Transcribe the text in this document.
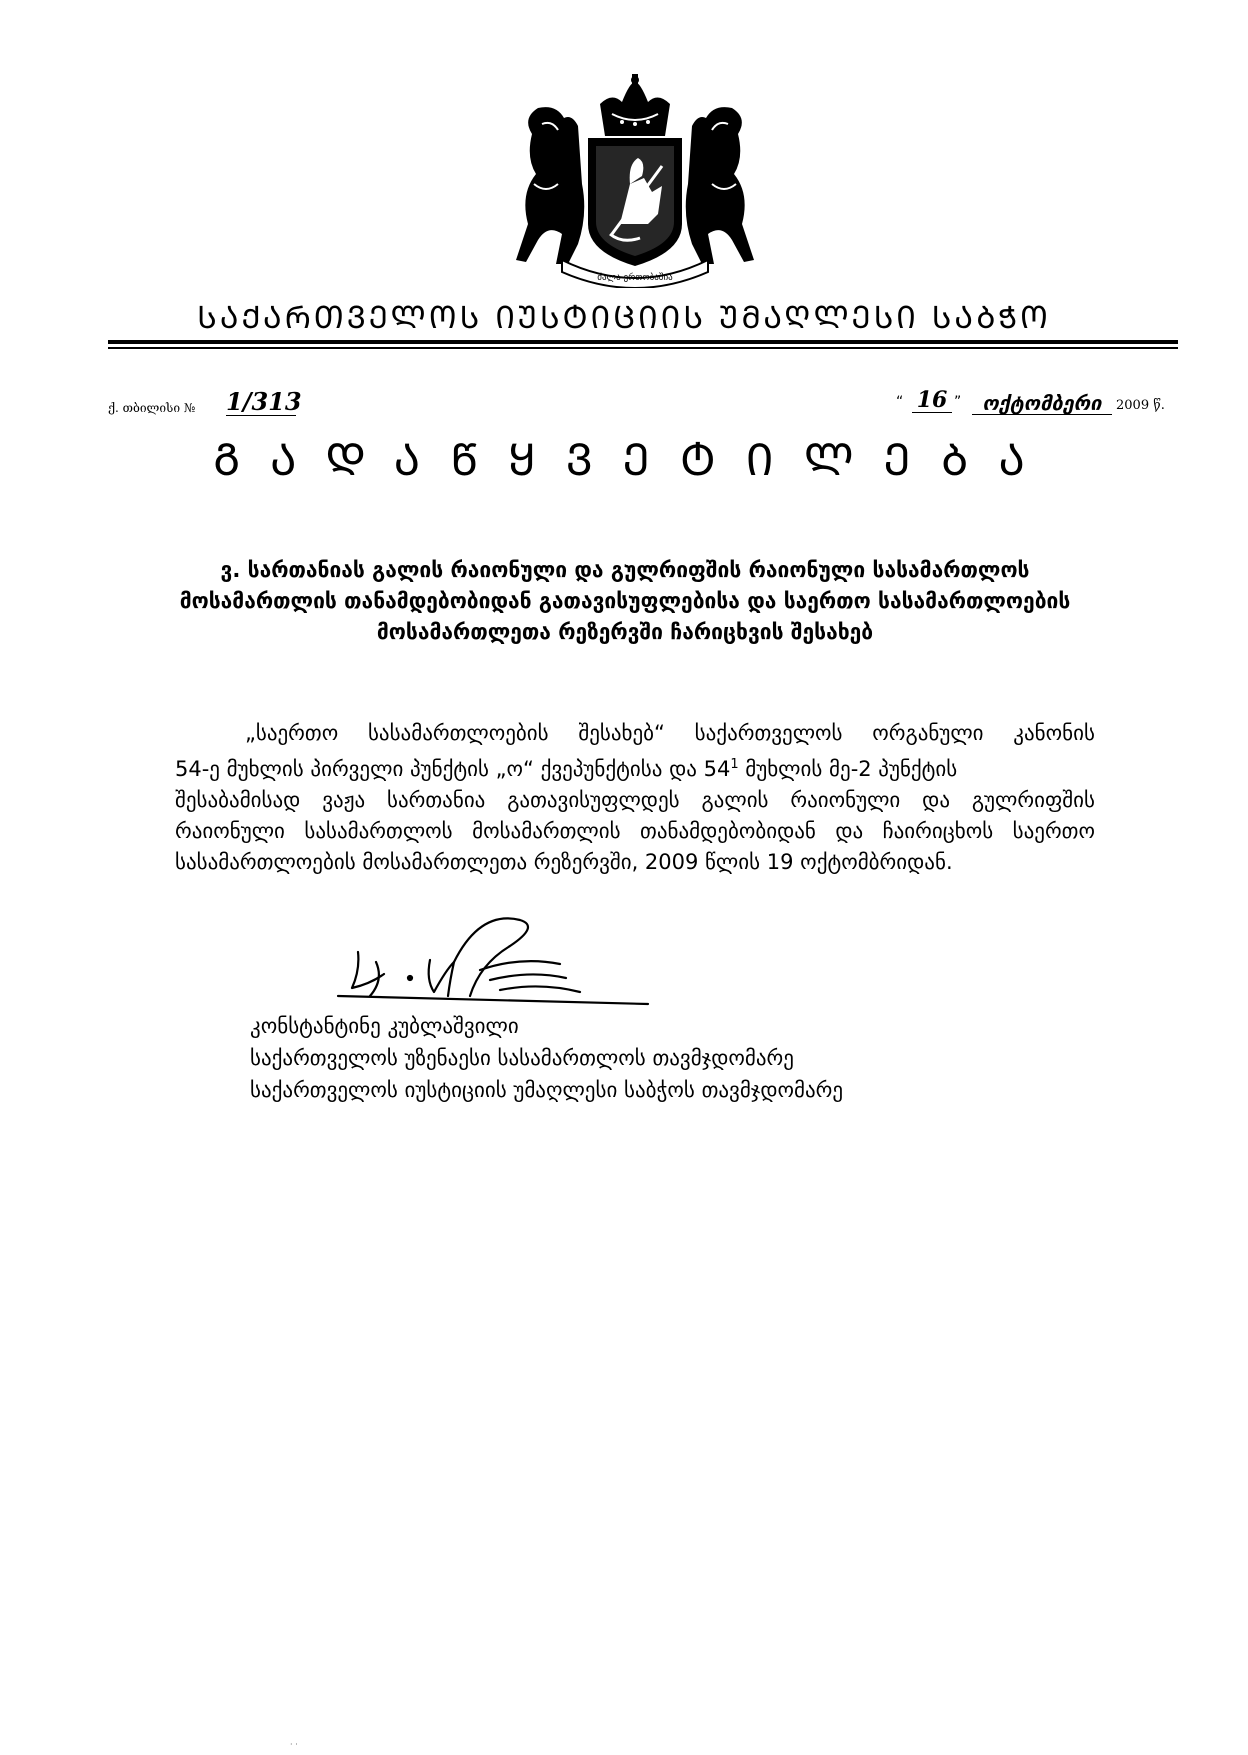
ძალა ერთობაშია
ᲡᲐᲥᲐᲠᲗᲕᲔᲚᲝᲡ ᲘᲣᲡᲢᲘᲪᲘᲘᲡ ᲣᲛᲐᲦᲚᲔᲡᲘ ᲡᲐᲑᲭᲝ
ქ. თბილისი № 1/313	“ 16 ”	ოქტომბერი	2009 წ.
ᲒᲐᲓᲐᲬᲧᲕᲔᲢᲘᲚᲔᲑᲐ
ვ. სართანიას გალის რაიონული და გულრიფშის რაიონული სასამართლოს
მოსამართლის თანამდებობიდან გათავისუფლებისა და საერთო სასამართლოების
მოსამართლეთა რეზერვში ჩარიცხვის შესახებ
„საერთო სასამართლოების შესახებ“ საქართველოს ორგანული კანონის
54-ე მუხლის პირველი პუნქტის „ო“ ქვეპუნქტისა და $54^1$ მუხლის მე-2 პუნქტის
შესაბამისად ვაჟა სართანია გათავისუფლდეს გალის რაიონული და გულრიფშის
რაიონული სასამართლოს მოსამართლის თანამდებობიდან და ჩაირიცხოს საერთო
სასამართლოების მოსამართლეთა რეზერვში, 2009 წლის 19 ოქტომბრიდან.
კონსტანტინე კუბლაშვილი
საქართველოს უზენაესი სასამართლოს თავმჯდომარე
საქართველოს იუსტიციის უმაღლესი საბჭოს თავმჯდომარე
· ·
